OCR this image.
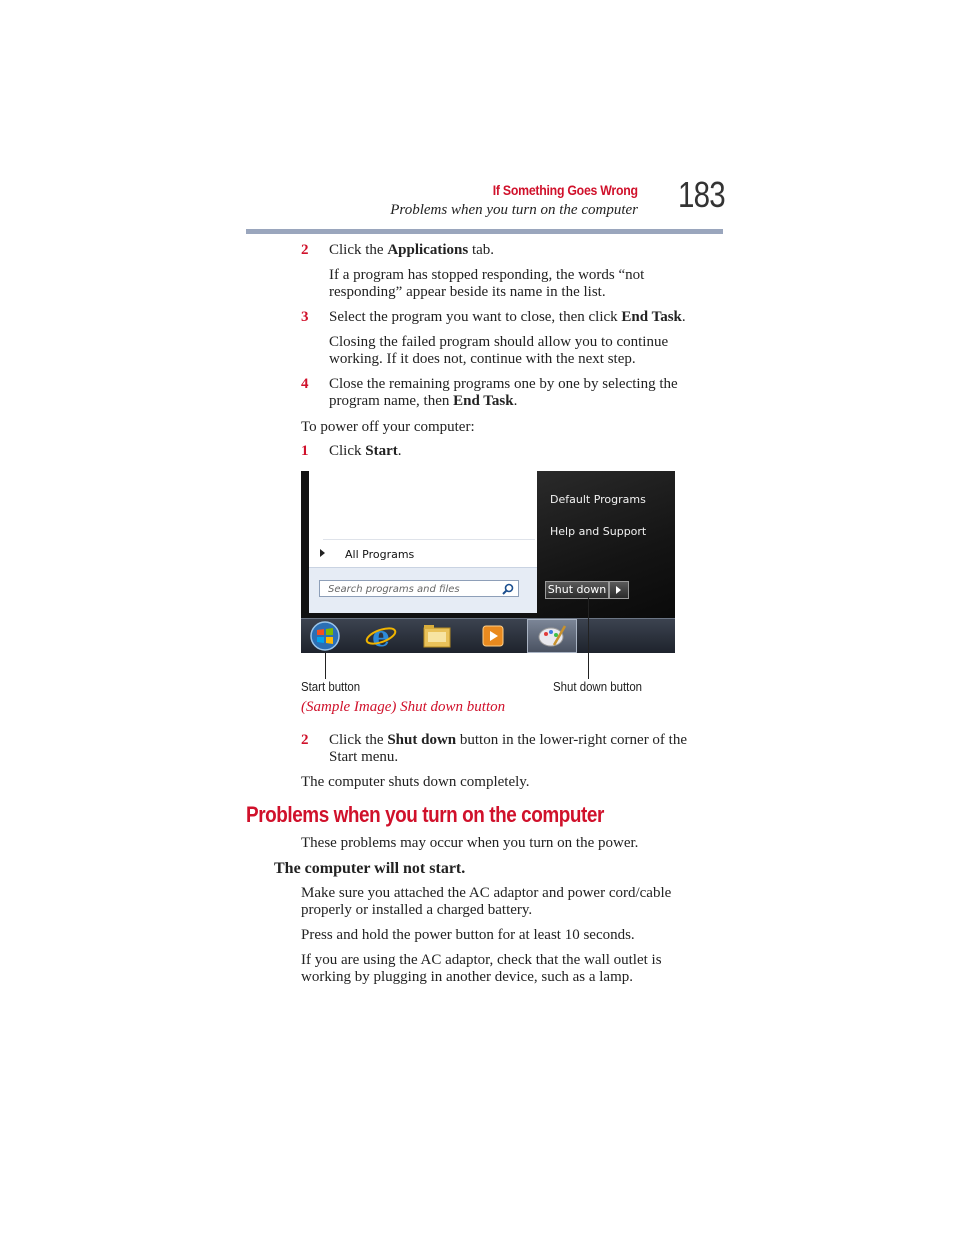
If Something Goes Wrong
Problems when you turn on the computer 183
2 Click the Applications tab.
If a program has stopped responding, the words “not responding” appear beside its name in the list.
3 Select the program you want to close, then click End Task.
Closing the failed program should allow you to continue working. If it does not, continue with the next step.
4 Close the remaining programs one by one by selecting the program name, then End Task.
To power off your computer:
1 Click Start.
All Programs
Search programs and files
Default Programs
Help and Support
Shut down
e
Start button	Shut down button
(Sample Image) Shut down button
2 Click the Shut down button in the lower-right corner of the Start menu.
The computer shuts down completely.
Problems when you turn on the computer
These problems may occur when you turn on the power.
The computer will not start.
Make sure you attached the AC adaptor and power cord/cable properly or installed a charged battery.
Press and hold the power button for at least 10 seconds.
If you are using the AC adaptor, check that the wall outlet is working by plugging in another device, such as a lamp.
